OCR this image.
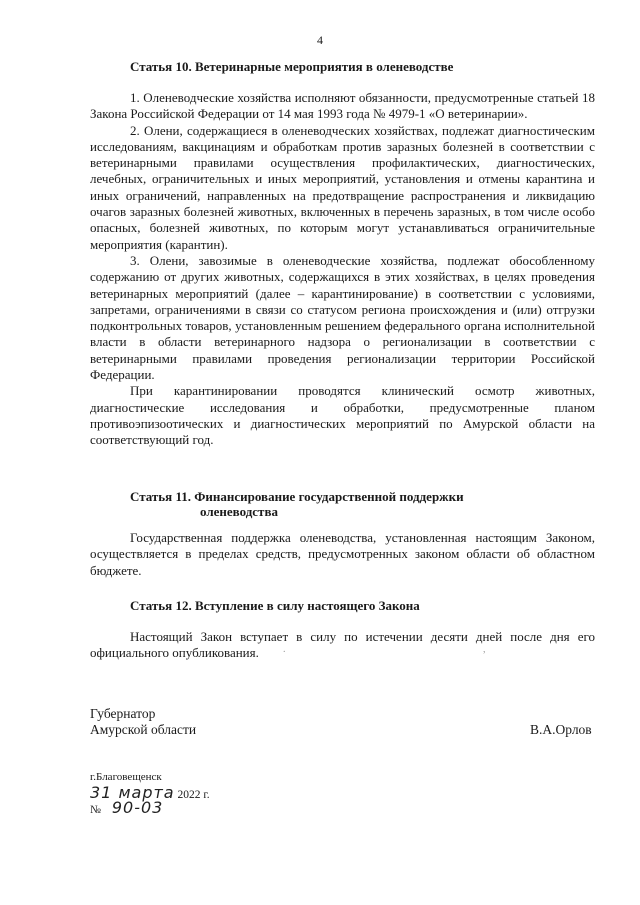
4
Статья 10. Ветеринарные мероприятия в оленеводстве

1. Оленеводческие хозяйства исполняют обязанности, предусмотренные статьей 18 Закона Российской Федерации от 14 мая 1993 года № 4979-1 «О ветеринарии».

2. Олени, содержащиеся в оленеводческих хозяйствах, подлежат диагностическим исследованиям, вакцинациям и обработкам против заразных болезней в соответствии с ветеринарными правилами осуществления профилактических, диагностических, лечебных, ограничительных и иных мероприятий, установления и отмены карантина и иных ограничений, направленных на предотвращение распространения и ликвидацию очагов заразных болезней животных, включенных в перечень заразных, в том числе особо опасных, болезней животных, по которым могут устанавливаться ограничительные мероприятия (карантин).

3. Олени, завозимые в оленеводческие хозяйства, подлежат обособленному содержанию от других животных, содержащихся в этих хозяйствах, в целях проведения ветеринарных мероприятий (далее – карантинирование) в соответствии с условиями, запретами, ограничениями в связи со статусом региона происхождения и (или) отгрузки подконтрольных товаров, установленным решением федерального органа исполнительной власти в области ветеринарного надзора о регионализации в соответствии с ветеринарными правилами проведения регионализации территории Российской Федерации.

При карантинировании проводятся клинический осмотр животных, диагностические исследования и обработки, предусмотренные планом противоэпизоотических и диагностических мероприятий по Амурской области на соответствующий год.

Статья 11. Финансирование государственной поддержки
оленеводства

Государственная поддержка оленеводства, установленная настоящим Законом, осуществляется в пределах средств, предусмотренных законом области об областном бюджете.

Статья 12. Вступление в силу настоящего Закона

Настоящий Закон вступает в силу по истечении десяти дней после дня его официального опубликования.

Губернатор
Амурской области	В.А.Орлов
г.Благовещенск
31 марта 2022 г.
№ 90-03
.	,
